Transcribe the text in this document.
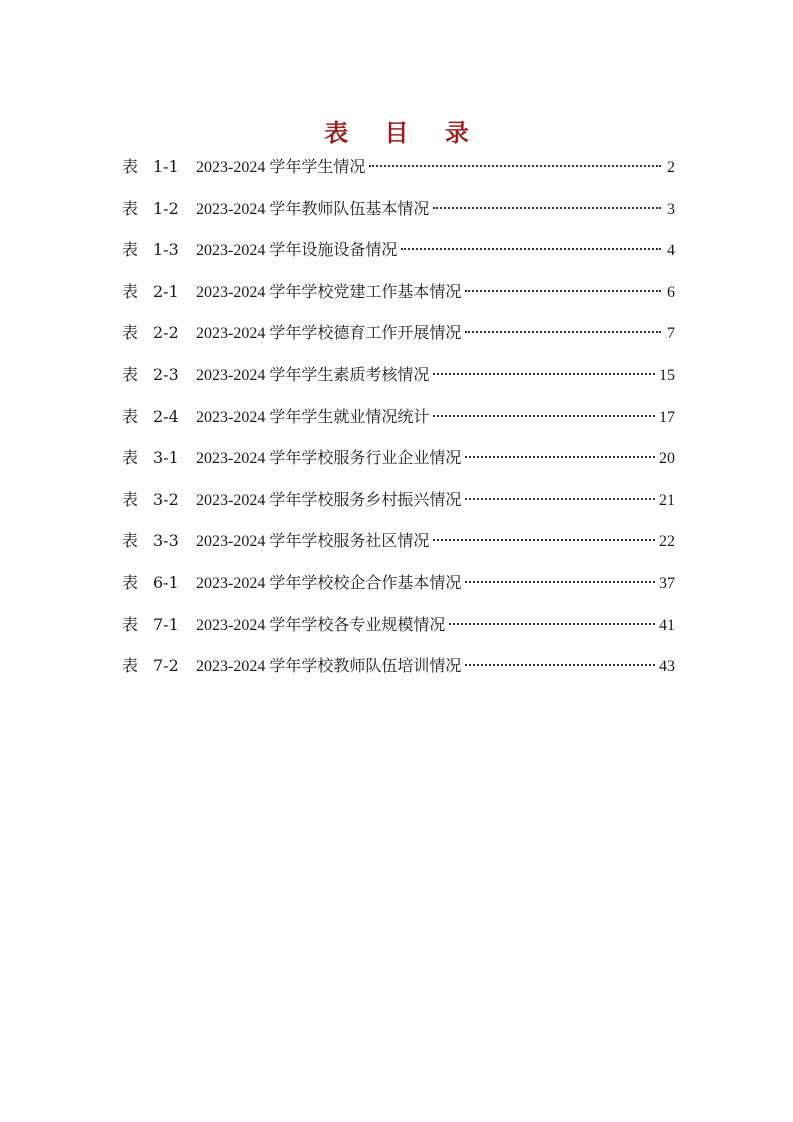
表 目 录
表 1-1	2023-2024 学年学生情况	2
表 1-2	2023-2024 学年教师队伍基本情况	3
表 1-3	2023-2024 学年设施设备情况	4
表 2-1	2023-2024 学年学校党建工作基本情况	6
表 2-2	2023-2024 学年学校德育工作开展情况	7
表 2-3	2023-2024 学年学生素质考核情况	15
表 2-4	2023-2024 学年学生就业情况统计	17
表 3-1	2023-2024 学年学校服务行业企业情况	20
表 3-2	2023-2024 学年学校服务乡村振兴情况	21
表 3-3	2023-2024 学年学校服务社区情况	22
表 6-1	2023-2024 学年学校校企合作基本情况	37
表 7-1	2023-2024 学年学校各专业规模情况	41
表 7-2	2023-2024 学年学校教师队伍培训情况	43
